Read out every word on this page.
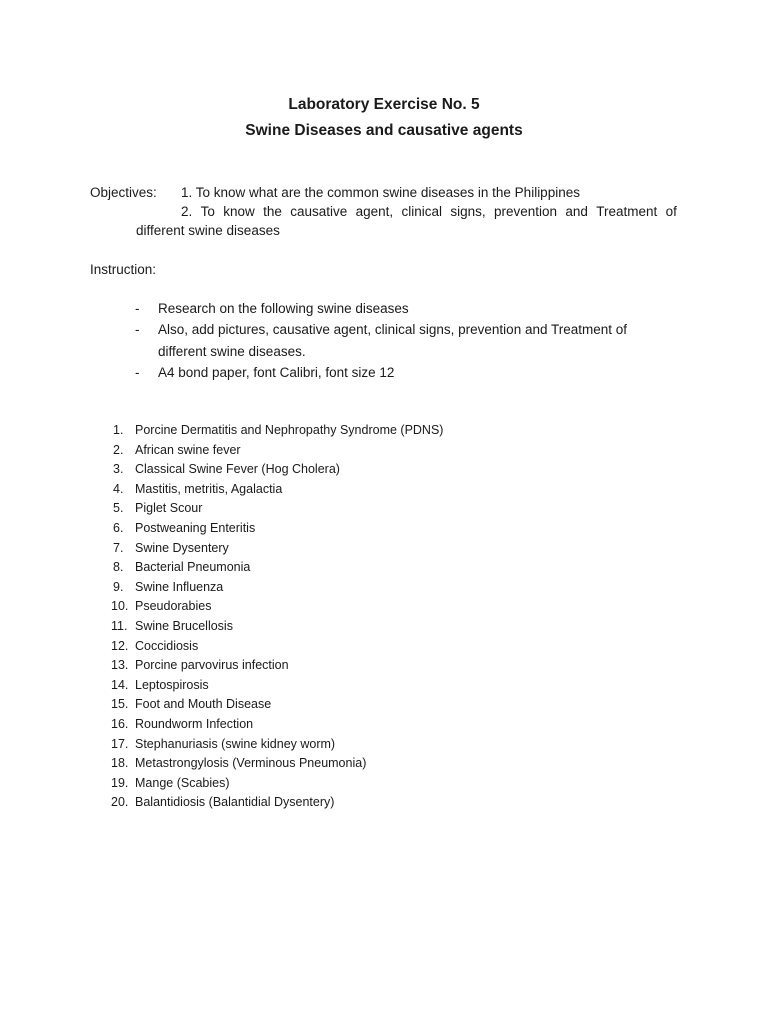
Laboratory Exercise No. 5
Swine Diseases and causative agents
Objectives: 1. To know what are the common swine diseases in the Philippines
2. To know the causative agent, clinical signs, prevention and Treatment of
different swine diseases
Instruction:
- Research on the following swine diseases
- Also, add pictures, causative agent, clinical signs, prevention and Treatment of
different swine diseases.
- A4 bond paper, font Calibri, font size 12
1. Porcine Dermatitis and Nephropathy Syndrome (PDNS)
2. African swine fever
3. Classical Swine Fever (Hog Cholera)
4. Mastitis, metritis, Agalactia
5. Piglet Scour
6. Postweaning Enteritis
7. Swine Dysentery
8. Bacterial Pneumonia
9. Swine Influenza
10. Pseudorabies
11. Swine Brucellosis
12. Coccidiosis
13. Porcine parvovirus infection
14. Leptospirosis
15. Foot and Mouth Disease
16. Roundworm Infection
17. Stephanuriasis (swine kidney worm)
18. Metastrongylosis (Verminous Pneumonia)
19. Mange (Scabies)
20. Balantidiosis (Balantidial Dysentery)
